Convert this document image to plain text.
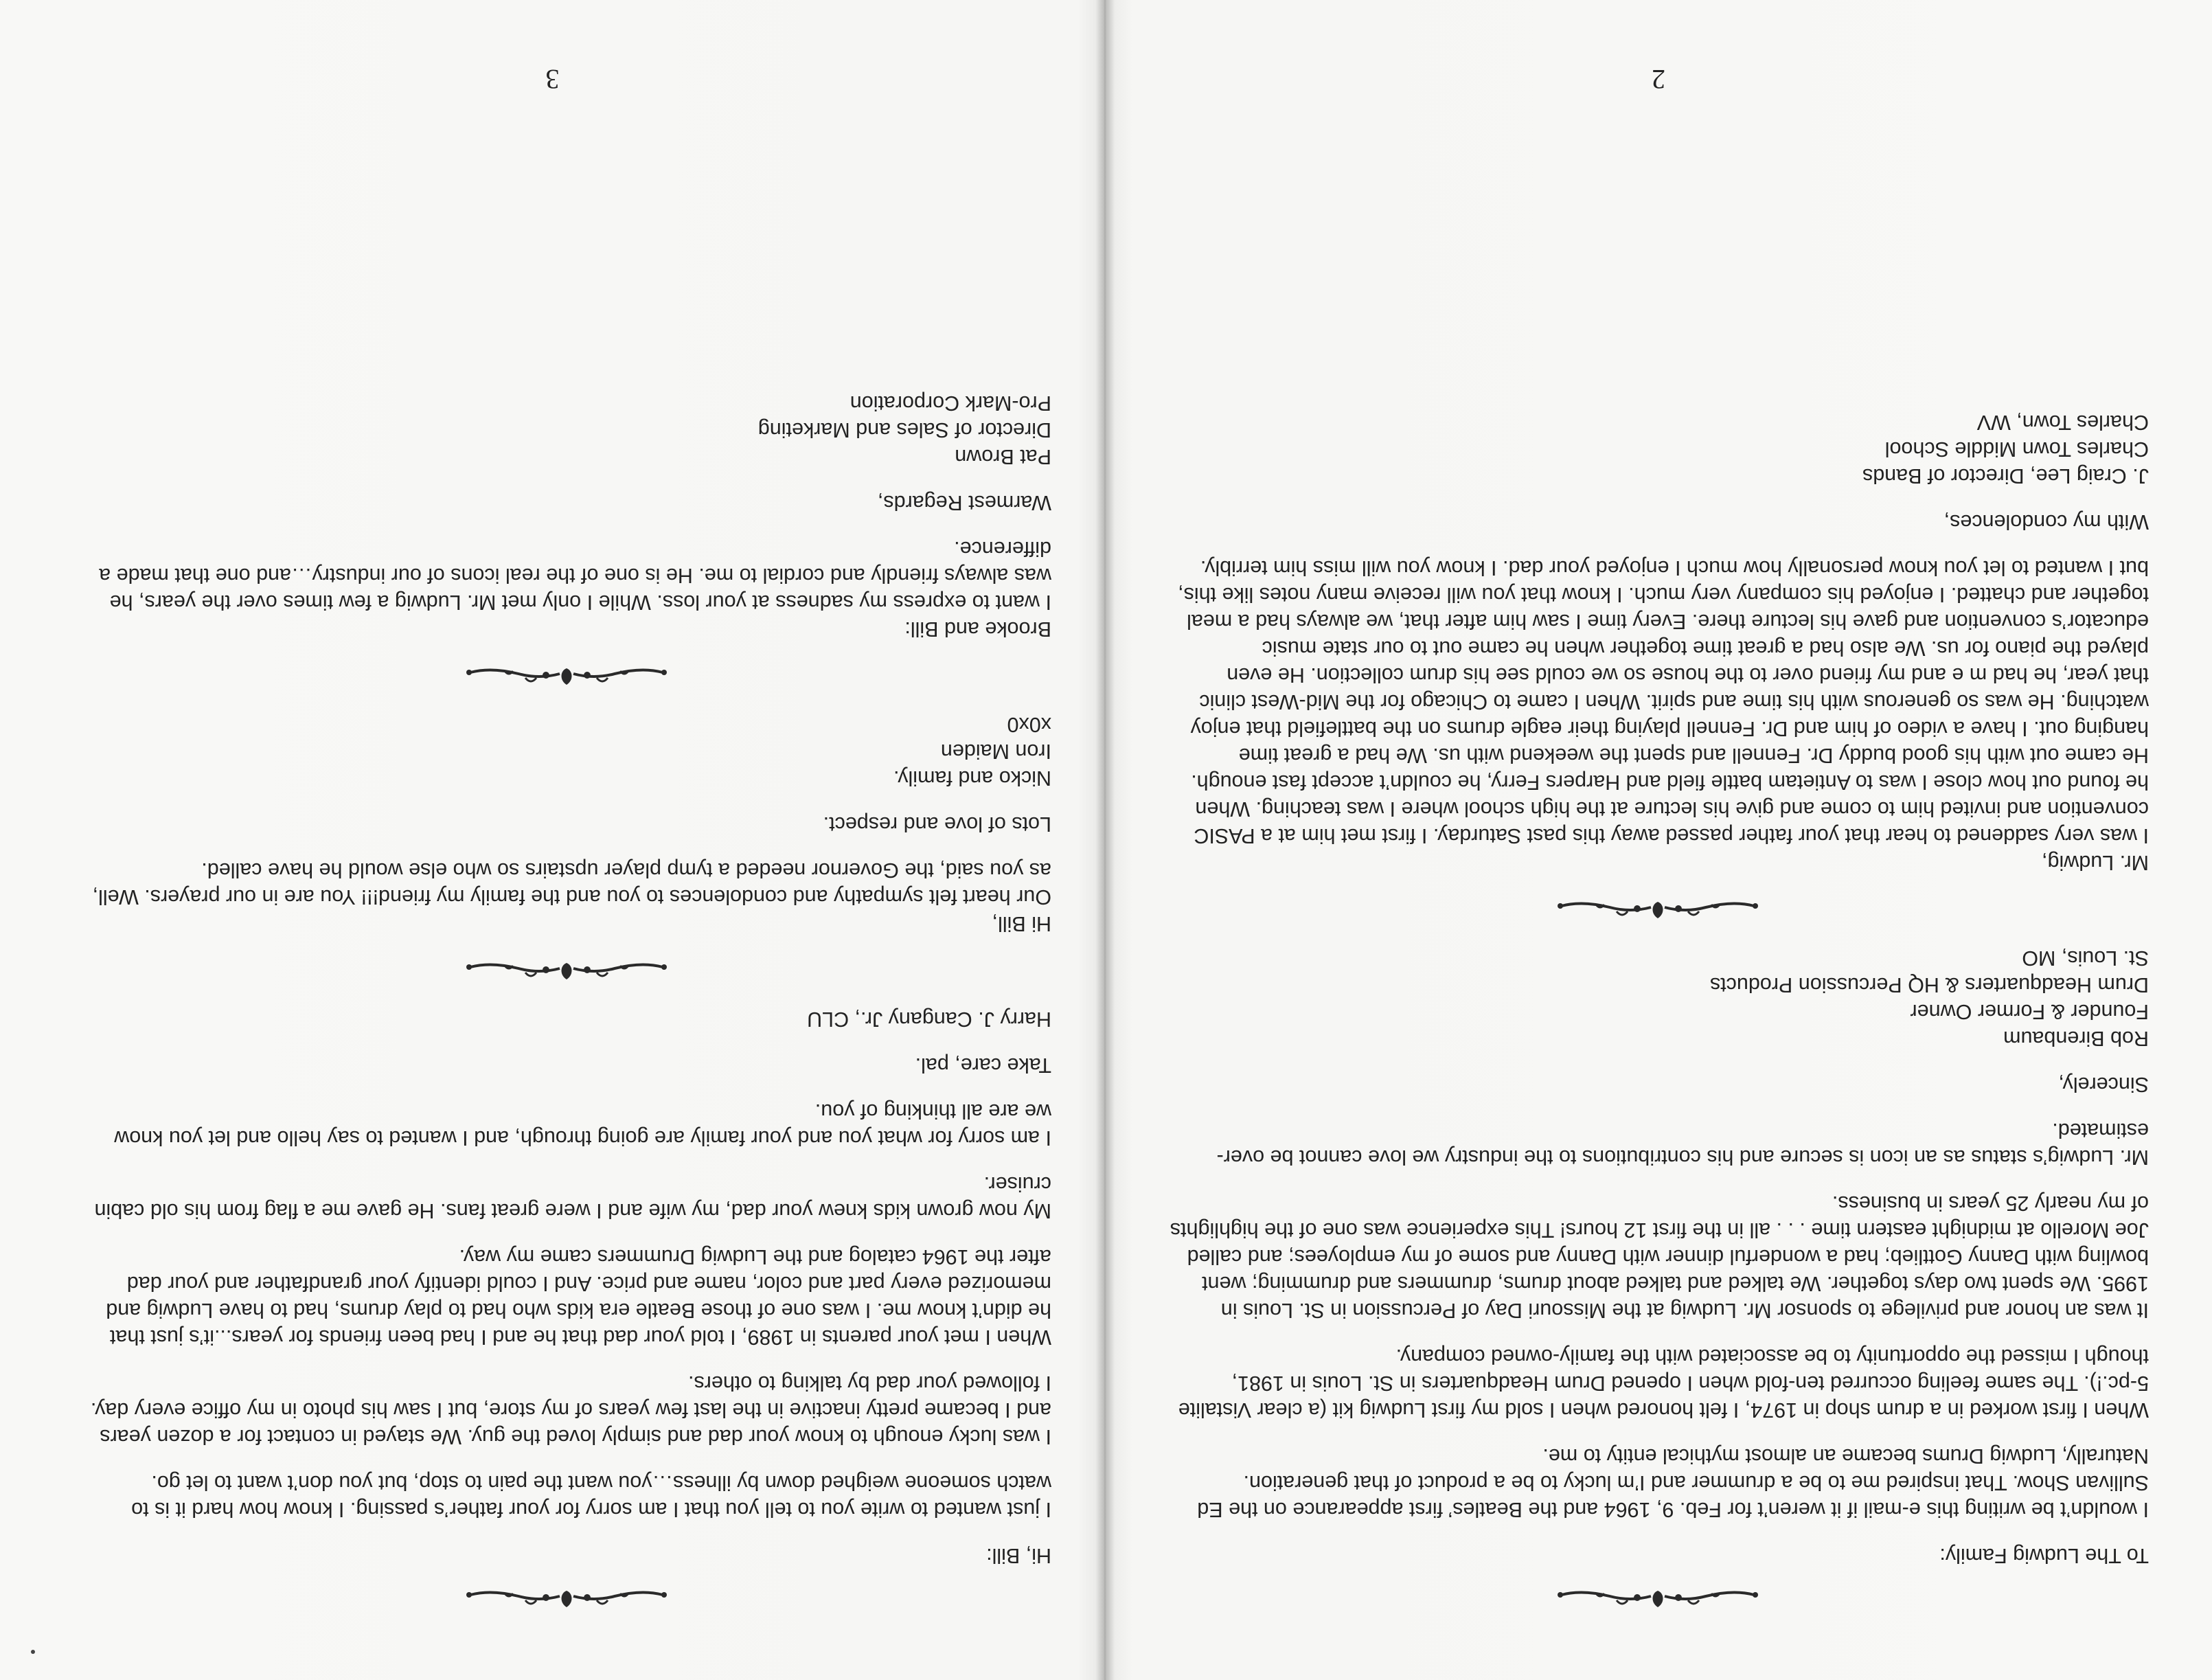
To The Ludwig Family:

I wouldn’t be writing this e-mail if it weren’t for Feb. 9, 1964 and the Beatles’ first appearance on the Ed Sullivan Show. That inspired me to be a drummer and I’m lucky to be a product of that generation. Naturally, Ludwig Drums became an almost mythical entity to me.

When I first worked in a drum shop in 1974, I felt honored when I sold my first Ludwig kit (a clear Vistalite 5-pc.!). The same feeling occurred ten-fold when I opened Drum Headquarters in St. Louis in 1981, though I missed the opportunity to be associated with the family-owned company.

It was an honor and privilege to sponsor Mr. Ludwig at the Missouri Day of Percussion in St. Louis in 1995. We spent two days together. We talked and talked about drums, drummers and drumming; went bowling with Danny Gottlieb; had a wonderful dinner with Danny and some of my employees; and called Joe Morello at midnight eastern time . . . all in the first 12 hours! This experience was one of the highlights of my nearly 25 years in business.

Mr. Ludwig’s status as an icon is secure and his contributions to the industry we love cannot be over-estimated.

Sincerely,

Rob Birenbaum
Founder & Former Owner
Drum Headquarters & HQ Percussion Products
St. Louis, MO

Mr. Ludwig,

I was very saddened to hear that your father passed away this past Saturday. I first met him at a PASIC convention and invited him to come and give his lecture at the high school where I was teaching. When he found out how close I was to Antietam battle field and Harpers Ferry, he couldn’t accept fast enough. He came out with his good buddy Dr. Fennell and spent the weekend with us. We had a great time hanging out. I have a video of him and Dr. Fennell playing their eagle drums on the battlefield that enjoy watching. He was so generous with his time and spirit. When I came to Chicago for the Mid-West clinic that year, he had m e and my friend over to the house so we could see his drum collection. He even played the piano for us. We also had a great time together when he came out to our state music educator’s convention and gave his lecture there. Every time I saw him after that, we always had a meal together and chatted. I enjoyed his company very much. I know that you will receive many notes like this, but I wanted to let you know personally how much I enjoyed your dad. I know you will miss him terribly.

With my condolences,

J. Craig Lee, Director of Bands
Charles Town Middle School
Charles Town, WV
2

Hi, Bill:

I just wanted to write you to tell you that I am sorry for your father’s passing. I know how hard it is to watch someone weighed down by illness…you want the pain to stop, but you don’t want to let go.

I was lucky enough to know your dad and simply loved the guy. We stayed in contact for a dozen years and I became pretty inactive in the last few years of my store, but I saw his photo in my office every day. I followed your dad by talking to others.

When I met your parents in 1989, I told your dad that he and I had been friends for years...it’s just that he didn’t know me. I was one of those Beatle era kids who had to play drums, had to have Ludwig and memorized every part and color, name and price. And I could identify your grandfather and your dad after the 1964 catalog and the Ludwig Drummers came my way.

My now grown kids knew your dad, my wife and I were great fans. He gave me a flag from his old cabin cruiser.

I am sorry for what you and your family are going through, and I wanted to say hello and let you know we are all thinking of you.

Take care, pal.

Harry J. Cangany Jr., CLU

Hi Bill,

Our heart felt sympathy and condolences to you and the family my friend!!! You are in our prayers. Well, as you said, the Governor needed a tymp player upstairs so who else would he have called.

Lots of love and respect.

Nicko and family.
Iron Maiden
x0x0

Brooke and Bill:

I want to express my sadness at your loss. While I only met Mr. Ludwig a few times over the years, he was always friendly and cordial to me. He is one of the real icons of our industry…and one that made a difference.

Warmest Regards,

Pat Brown
Director of Sales and Marketing
Pro-Mark Corporation
3
